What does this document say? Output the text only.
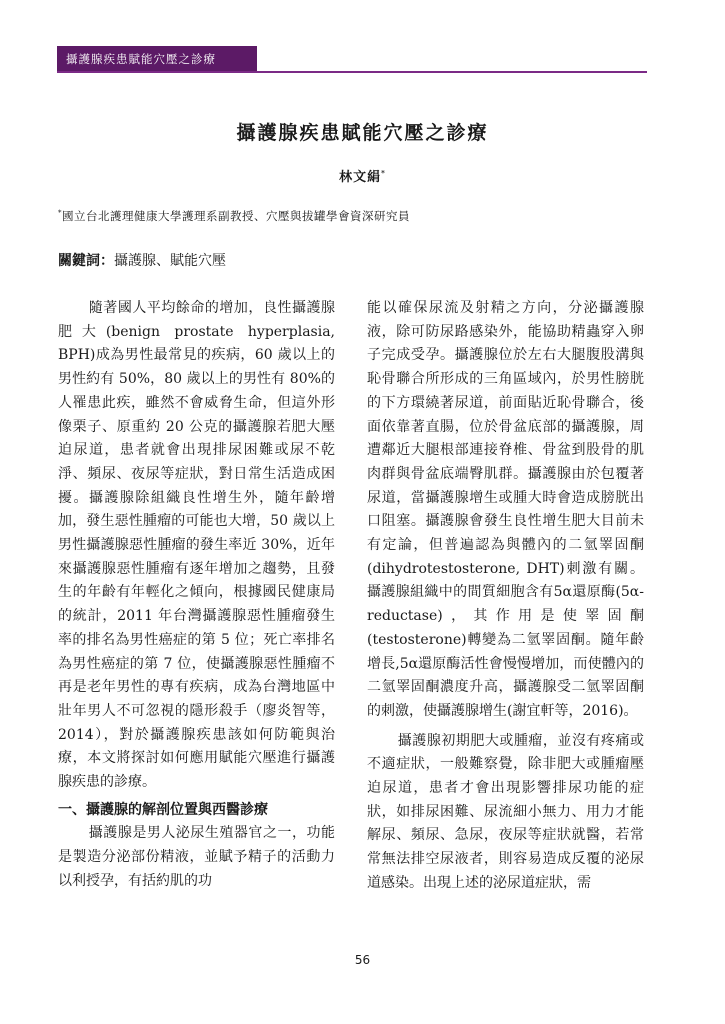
攝護腺疾患賦能穴壓之診療
攝護腺疾患賦能穴壓之診療
林文絹*
*國立台北護理健康大學護理系副教授、穴壓與拔罐學會資深研究員
關鍵詞：攝護腺、賦能穴壓

隨著國人平均餘命的增加，良性攝護腺肥大(benign prostate hyperplasia, BPH)成為男性最常見的疾病，60 歲以上的男性約有 50%，80 歲以上的男性有 80%的人罹患此疾，雖然不會威脅生命，但這外形像栗子、原重約 20 公克的攝護腺若肥大壓迫尿道，患者就會出現排尿困難或尿不乾淨、頻尿、夜尿等症狀，對日常生活造成困擾。攝護腺除組織良性增生外，隨年齡增加，發生惡性腫瘤的可能也大增，50 歲以上男性攝護腺惡性腫瘤的發生率近 30%，近年來攝護腺惡性腫瘤有逐年增加之趨勢，且發生的年齡有年輕化之傾向，根據國民健康局的統計，2011 年台灣攝護腺惡性腫瘤發生率的排名為男性癌症的第 5 位；死亡率排名為男性癌症的第 7 位，使攝護腺惡性腫瘤不再是老年男性的專有疾病，成為台灣地區中壯年男人不可忽視的隱形殺手（廖炎智等，2014），對於攝護腺疾患該如何防範與治療，本文將探討如何應用賦能穴壓進行攝護腺疾患的診療。

一、攝護腺的解剖位置與西醫診療

攝護腺是男人泌尿生殖器官之一，功能是製造分泌部份精液，並賦予精子的活動力以利授孕，有括約肌的功

能以確保尿流及射精之方向，分泌攝護腺液，除可防尿路感染外，能協助精蟲穿入卵子完成受孕。攝護腺位於左右大腿腹股溝與恥骨聯合所形成的三角區域內，於男性膀胱的下方環繞著尿道，前面貼近恥骨聯合，後面依靠著直腸，位於骨盆底部的攝護腺，周遭鄰近大腿根部連接脊椎、骨盆到股骨的肌肉群與骨盆底端臀肌群。攝護腺由於包覆著尿道，當攝護腺增生或腫大時會造成膀胱出口阻塞。攝護腺會發生良性增生肥大目前未有定論，但普遍認為與體內的二氫睪固酮(dihydrotestosterone, DHT)刺激有關。攝護腺組織中的間質細胞含有5α還原酶(5α-reductase)，其作用是使睪固酮(testosterone)轉變為二氫睪固酮。隨年齡增長,5α還原酶活性會慢慢增加，而使體內的二氫睪固酮濃度升高，攝護腺受二氫睪固酮的刺激，使攝護腺增生(謝宜軒等，2016)。

攝護腺初期肥大或腫瘤，並沒有疼痛或不適症狀，一般難察覺，除非肥大或腫瘤壓迫尿道，患者才會出現影響排尿功能的症狀，如排尿困難、尿流細小無力、用力才能解尿、頻尿、急尿，夜尿等症狀就醫，若常常無法排空尿液者，則容易造成反覆的泌尿道感染。出現上述的泌尿道症狀，需

56
